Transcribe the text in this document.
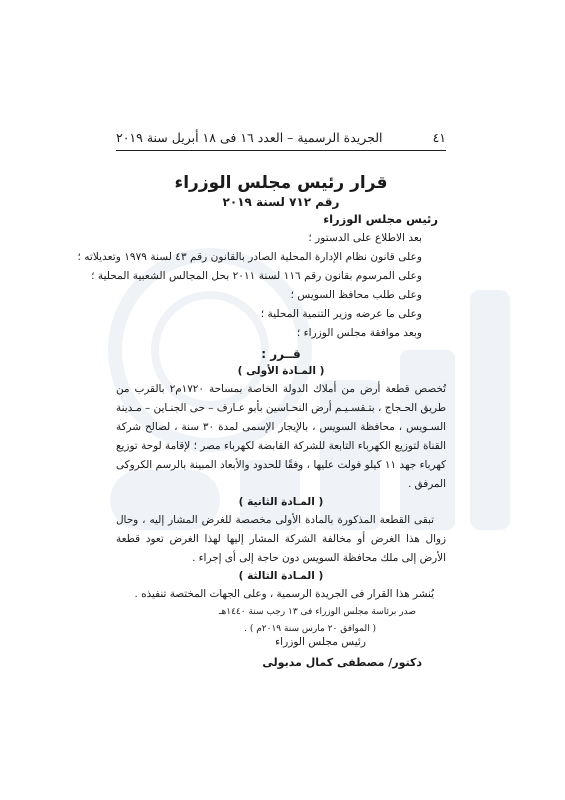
٤١
الجريدة الرسمية – العدد ١٦ فى ١٨ أبريل سنة ٢٠١٩
قرار رئيس مجلس الوزراء
رقم ٧١٢ لسنة ٢٠١٩
رئيس مجلس الوزراء
بعد الاطلاع على الدستور ؛
وعلى قانون نظام الإدارة المحلية الصادر بالقانون رقم ٤٣ لسنة ١٩٧٩ وتعديلاته ؛
وعلى المرسوم بقانون رقم ١١٦ لسنة ٢٠١١ بحل المجالس الشعبية المحلية ؛
وعلى طلب محافظ السويس ؛
وعلى ما عرضه وزير التنمية المحلية ؛
وبعد موافقة مجلس الوزراء ؛
قــرر :
( المـادة الأولى )
تُخصص قطعة أرض من أملاك الدولة الخاصة بمساحة ١٧٢٠م٢ بالقرب من طريق الحـجاج ، بتـقسـيـم أرض النحـاسين بأبو عـارف – حى الجنـاين – مـدينة السـويس ، محافظة السويس ، بالإيجار الإسمى لمدة ٣٠ سنة ، لصالح شركة القناة لتوزيع الكهرباء التابعة للشركة القابضة لكهرباء مصر ؛ لإقامة لوحة توزيع كهرباء جهد ١١ كيلو فولت عليها ، وفقًا للحدود والأبعاد المبينة بالرسم الكروكى المرفق .
( المـادة الثانية )
تبقى القطعة المذكورة بالمادة الأولى مخصصة للغرض المشار إليه ، وحال زوال هذا الغرض أو مخالفة الشركة المشار إليها لهذا الغرض تعود قطعة الأرض إلى ملك محافظة السويس دون حاجة إلى أى إجراء .
( المـادة الثالثة )
يُنشر هذا القرار فى الجريدة الرسمية ، وعلى الجهات المختصة تنفيذه .
صدر برئاسة مجلس الوزراء فى ١٣ رجب سنة ١٤٤٠هـ
( الموافق ٢٠ مارس سنة ٢٠١٩م ) .
رئيس مجلس الوزراء
دكتور/ مصطفى كمال مدبولى
